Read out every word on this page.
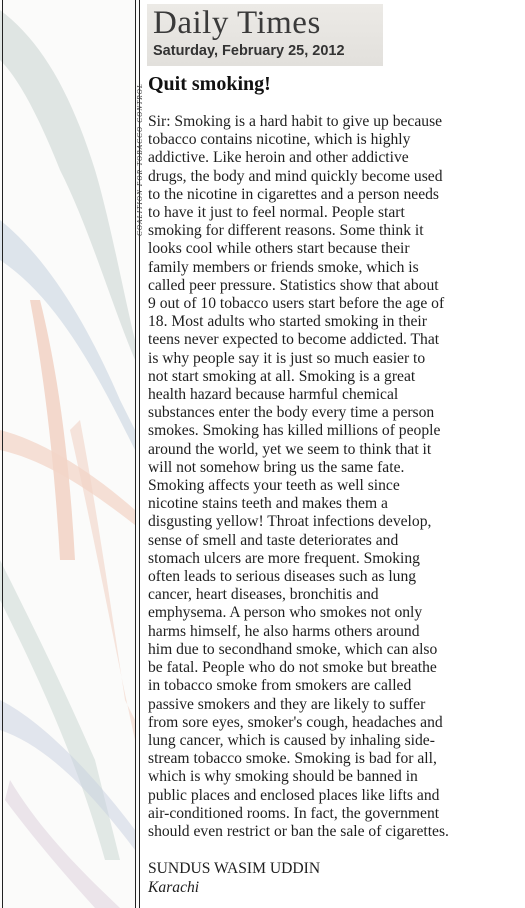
COALITION FOR TOBACCO CONTROL
Daily Times
Saturday, February 25, 2012
Quit smoking!
Sir: Smoking is a hard habit to give up because
tobacco contains nicotine, which is highly
addictive. Like heroin and other addictive
drugs, the body and mind quickly become used
to the nicotine in cigarettes and a person needs
to have it just to feel normal. People start
smoking for different reasons. Some think it
looks cool while others start because their
family members or friends smoke, which is
called peer pressure. Statistics show that about
9 out of 10 tobacco users start before the age of
18. Most adults who started smoking in their
teens never expected to become addicted. That
is why people say it is just so much easier to
not start smoking at all. Smoking is a great
health hazard because harmful chemical
substances enter the body every time a person
smokes. Smoking has killed millions of people
around the world, yet we seem to think that it
will not somehow bring us the same fate.
Smoking affects your teeth as well since
nicotine stains teeth and makes them a
disgusting yellow! Throat infections develop,
sense of smell and taste deteriorates and
stomach ulcers are more frequent. Smoking
often leads to serious diseases such as lung
cancer, heart diseases, bronchitis and
emphysema. A person who smokes not only
harms himself, he also harms others around
him due to secondhand smoke, which can also
be fatal. People who do not smoke but breathe
in tobacco smoke from smokers are called
passive smokers and they are likely to suffer
from sore eyes, smoker's cough, headaches and
lung cancer, which is caused by inhaling side-
stream tobacco smoke. Smoking is bad for all,
which is why smoking should be banned in
public places and enclosed places like lifts and
air-conditioned rooms. In fact, the government
should even restrict or ban the sale of cigarettes.
SUNDUS WASIM UDDIN
Karachi
